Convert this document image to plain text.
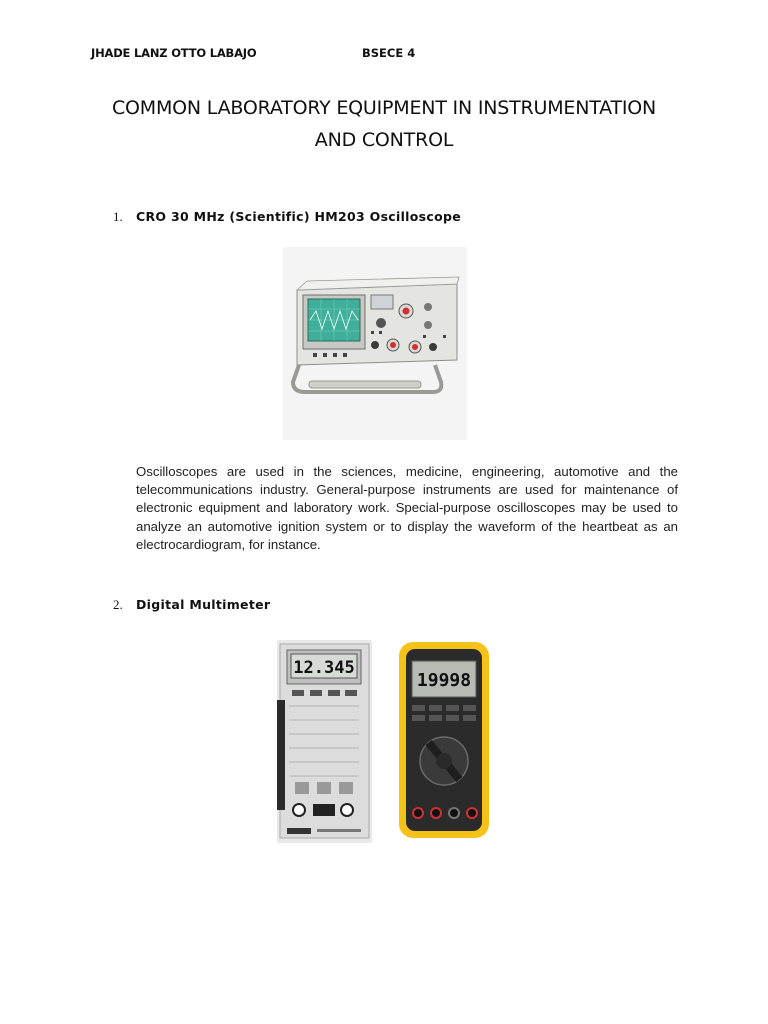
JHADE LANZ OTTO LABAJO	BSECE 4
COMMON LABORATORY EQUIPMENT IN INSTRUMENTATION
AND CONTROL
1. CRO 30 MHz (Scientific) HM203 Oscilloscope
Oscilloscopes are used in the sciences, medicine, engineering, automotive and the telecommunications industry. General-purpose instruments are used for maintenance of electronic equipment and laboratory work. Special-purpose oscilloscopes may be used to analyze an automotive ignition system or to display the waveform of the heartbeat as an electrocardiogram, for instance.
2. Digital Multimeter
12.345
19998
